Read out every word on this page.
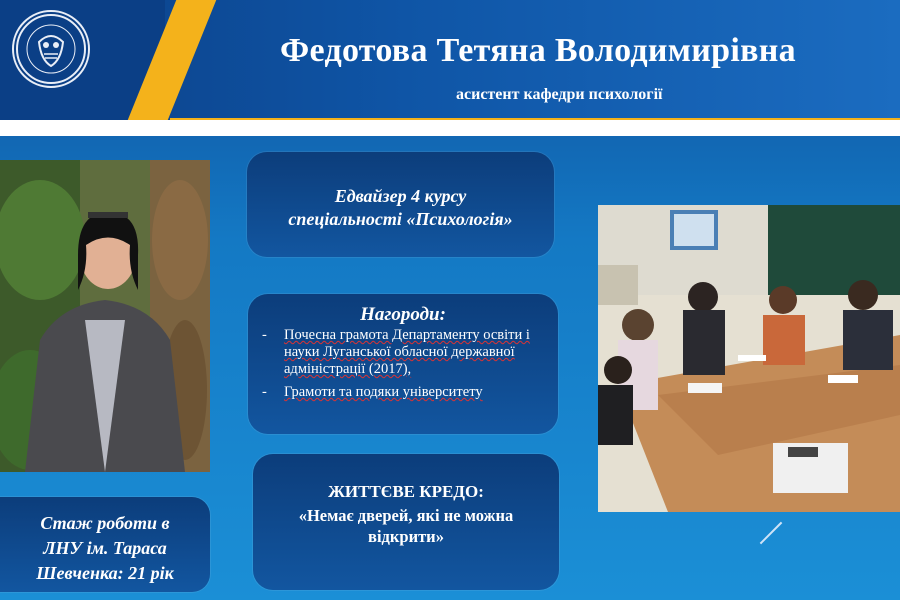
Федотова Тетяна Володимирівна
асистент кафедри психології
Едвайзер 4 курсу
спеціальності «Психологія»
Нагороди:
- Почесна грамота Департаменту освіти і науки Луганської обласної державної адміністрації (2017),
- Грамоти та подяки університету
ЖИТТЄВЕ КРЕДО:
«Немає дверей, які не можна відкрити»
Стаж роботи в
ЛНУ ім. Тараса
Шевченка: 21 рік
